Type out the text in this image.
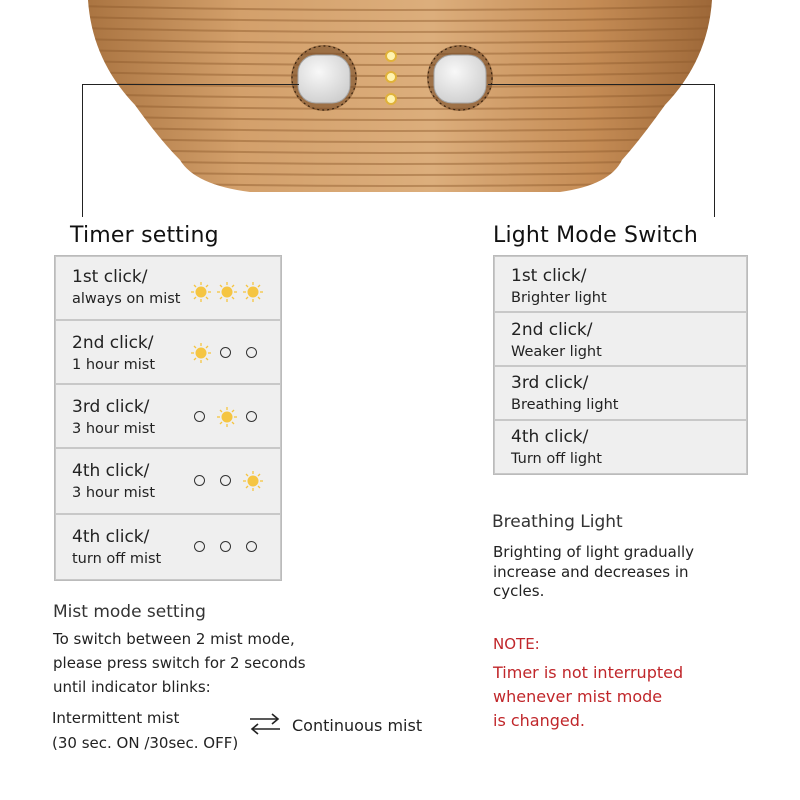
Timer setting
1st click/
always on mist
2nd click/
1 hour mist
3rd click/
3 hour mist
4th click/
3 hour mist
4th click/
turn off mist
Light Mode Switch
1st click/
Brighter light
2nd click/
Weaker light
3rd click/
Breathing light
4th click/
Turn off light
Breathing Light
Brighting of light gradually
increase and decreases in
cycles.
NOTE:
Timer is not interrupted
whenever mist mode
is changed.
Mist mode setting
To switch between 2 mist mode,
please press switch for 2 seconds
until indicator blinks:
Intermittent mist
(30 sec. ON /30sec. OFF)
Continuous mist
